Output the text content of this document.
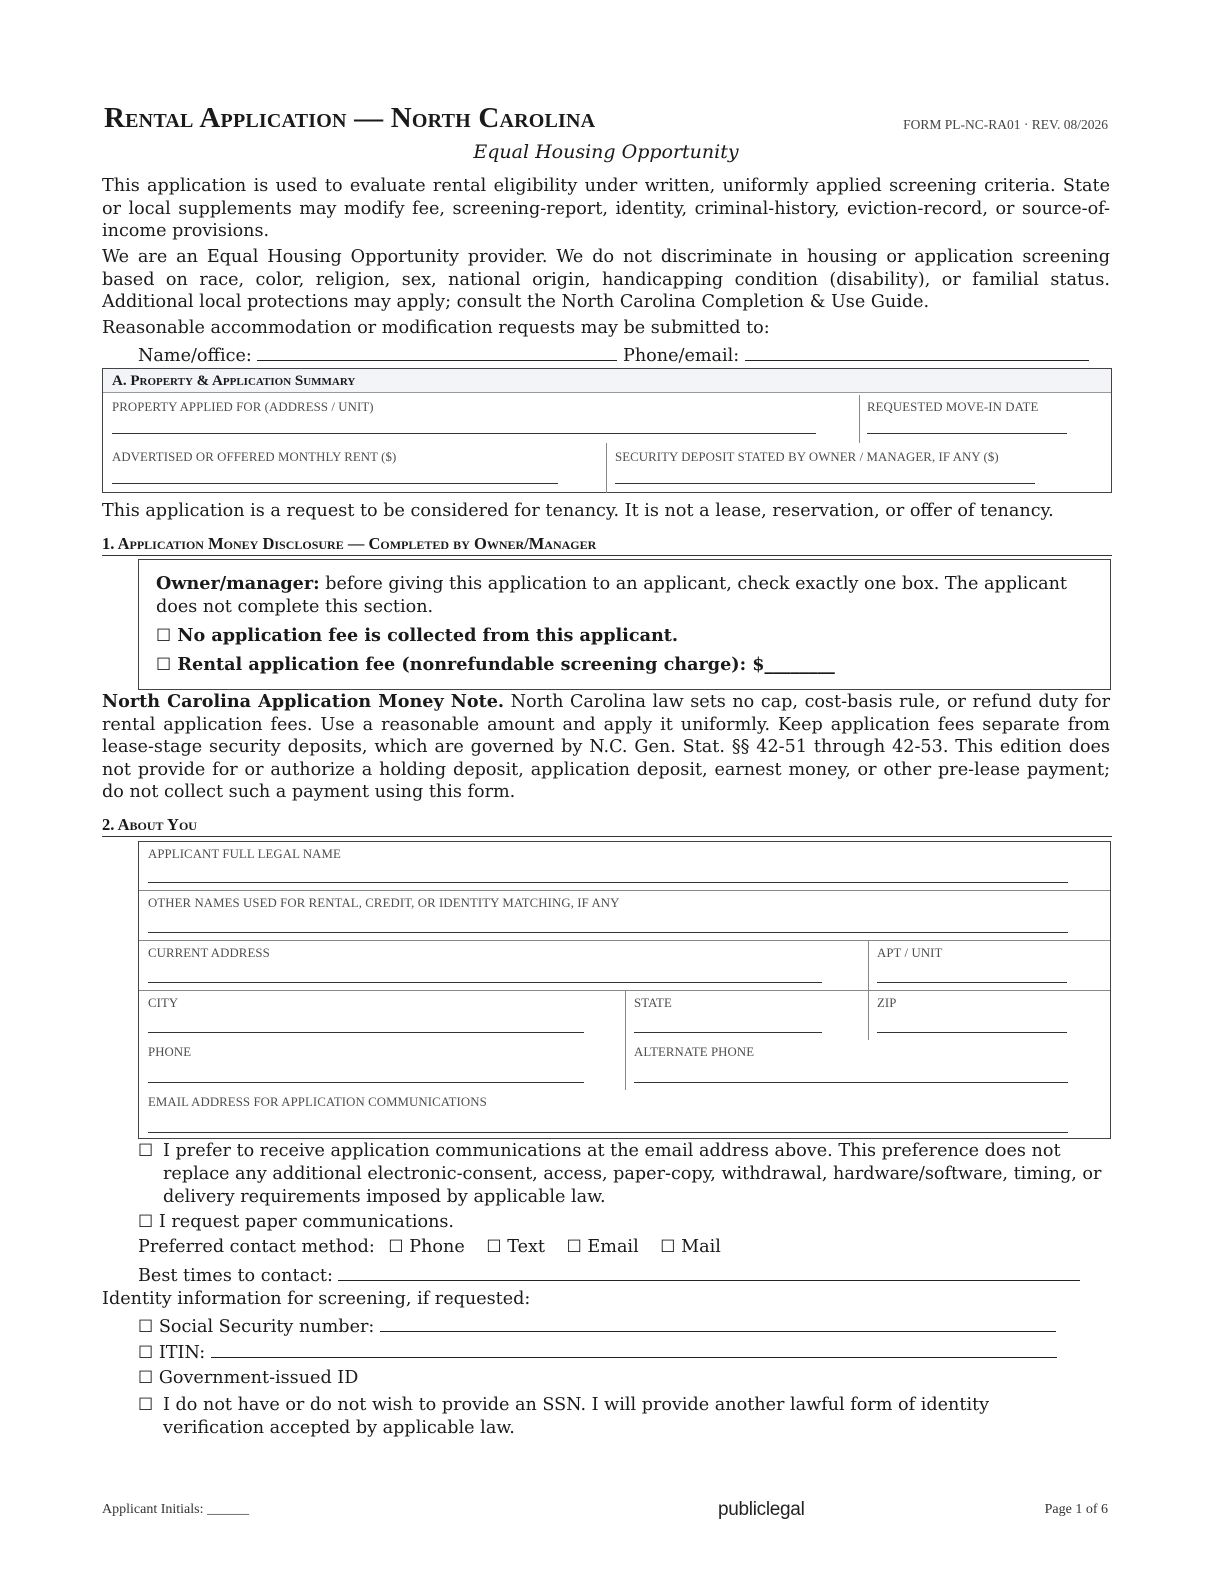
Rental Application — North Carolina	FORM PL-NC-RA01 · REV. 08/2026
Equal Housing Opportunity
This application is used to evaluate rental eligibility under written, uniformly applied screening criteria. State or local supplements may modify fee, screening-report, identity, criminal-history, eviction-record, or source-of-income provisions.
We are an Equal Housing Opportunity provider. We do not discriminate in housing or application screening based on race, color, religion, sex, national origin, handicapping condition (disability), or familial status. Additional local protections may apply; consult the North Carolina Completion & Use Guide.
Reasonable accommodation or modification requests may be submitted to:
Name/office:	Phone/email:
A. Property & Application Summary
PROPERTY APPLIED FOR (ADDRESS / UNIT)	REQUESTED MOVE-IN DATE
ADVERTISED OR OFFERED MONTHLY RENT ($)	SECURITY DEPOSIT STATED BY OWNER / MANAGER, IF ANY ($)
This application is a request to be considered for tenancy. It is not a lease, reservation, or offer of tenancy.
1. Application Money Disclosure — Completed by Owner/Manager
Owner/manager: before giving this application to an applicant, check exactly one box. The applicant does not complete this section.
☐ No application fee is collected from this applicant.
☐ Rental application fee (nonrefundable screening charge): $________
North Carolina Application Money Note. North Carolina law sets no cap, cost-basis rule, or refund duty for rental application fees. Use a reasonable amount and apply it uniformly. Keep application fees separate from lease-stage security deposits, which are governed by N.C. Gen. Stat. §§ 42-51 through 42-53. This edition does not provide for or authorize a holding deposit, application deposit, earnest money, or other pre-lease payment; do not collect such a payment using this form.
2. About You
APPLICANT FULL LEGAL NAME
OTHER NAMES USED FOR RENTAL, CREDIT, OR IDENTITY MATCHING, IF ANY
CURRENT ADDRESS	APT / UNIT
CITY	STATE	ZIP
PHONE	ALTERNATE PHONE
EMAIL ADDRESS FOR APPLICATION COMMUNICATIONS
☐ I prefer to receive application communications at the email address above. This preference does not replace any additional electronic-consent, access, paper-copy, withdrawal, hardware/software, timing, or delivery requirements imposed by applicable law.
☐ I request paper communications.
Preferred contact method: ☐ Phone ☐ Text ☐ Email ☐ Mail
Best times to contact:
Identity information for screening, if requested:
☐ Social Security number:
☐ ITIN:
☐ Government-issued ID
☐ I do not have or do not wish to provide an SSN. I will provide another lawful form of identity verification accepted by applicable law.
Applicant Initials: ______	publiclegal	Page 1 of 6
